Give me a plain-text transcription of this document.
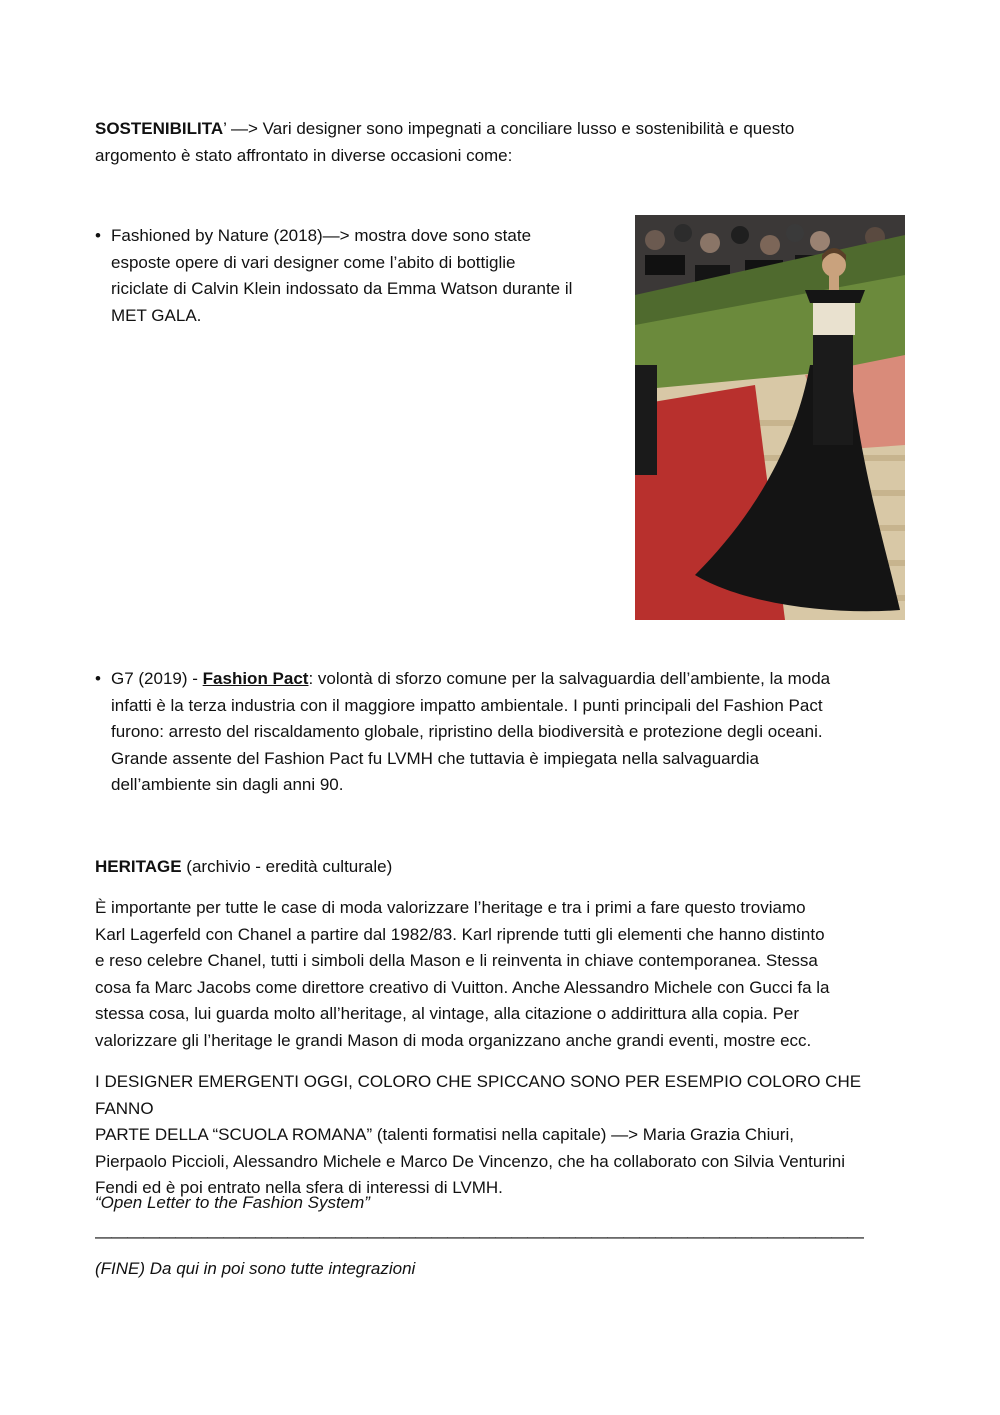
SOSTENIBILITA’ —> Vari designer sono impegnati a conciliare lusso e sostenibilità e questo

argomento è stato affrontato in diverse occasioni come:

• Fashioned by Nature (2018)—> mostra dove sono state
esposte opere di vari designer come l’abito di bottiglie
riciclate di Calvin Klein indossato da Emma Watson durante il
MET GALA.
• G7 (2019) - Fashion Pact: volontà di sforzo comune per la salvaguardia dell’ambiente, la moda
infatti è la terza industria con il maggiore impatto ambientale. I punti principali del Fashion Pact
furono: arresto del riscaldamento globale, ripristino della biodiversità e protezione degli oceani.
Grande assente del Fashion Pact fu LVMH che tuttavia è impiegata nella salvaguardia
dell’ambiente sin dagli anni 90.

HERITAGE (archivio - eredità culturale)

È importante per tutte le case di moda valorizzare l’heritage e tra i primi a fare questo troviamo
Karl Lagerfeld con Chanel a partire dal 1982/83. Karl riprende tutti gli elementi che hanno distinto
e reso celebre Chanel, tutti i simboli della Mason e li reinventa in chiave contemporanea. Stessa
cosa fa Marc Jacobs come direttore creativo di Vuitton. Anche Alessandro Michele con Gucci fa la
stessa cosa, lui guarda molto all’heritage, al vintage, alla citazione o addirittura alla copia. Per
valorizzare gli l’heritage le grandi Mason di moda organizzano anche grandi eventi, mostre ecc.
I DESIGNER EMERGENTI OGGI, COLORO CHE SPICCANO SONO PER ESEMPIO COLORO CHE FANNO
PARTE DELLA “SCUOLA ROMANA” (talenti formatisi nella capitale) —> Maria Grazia Chiuri,
Pierpaolo Piccioli, Alessandro Michele e Marco De Vincenzo, che ha collaborato con Silvia Venturini
Fendi ed è poi entrato nella sfera di interessi di LVMH.

“Open Letter to the Fashion System”

————————————————————————————————————————————————

(FINE) Da qui in poi sono tutte integrazioni
